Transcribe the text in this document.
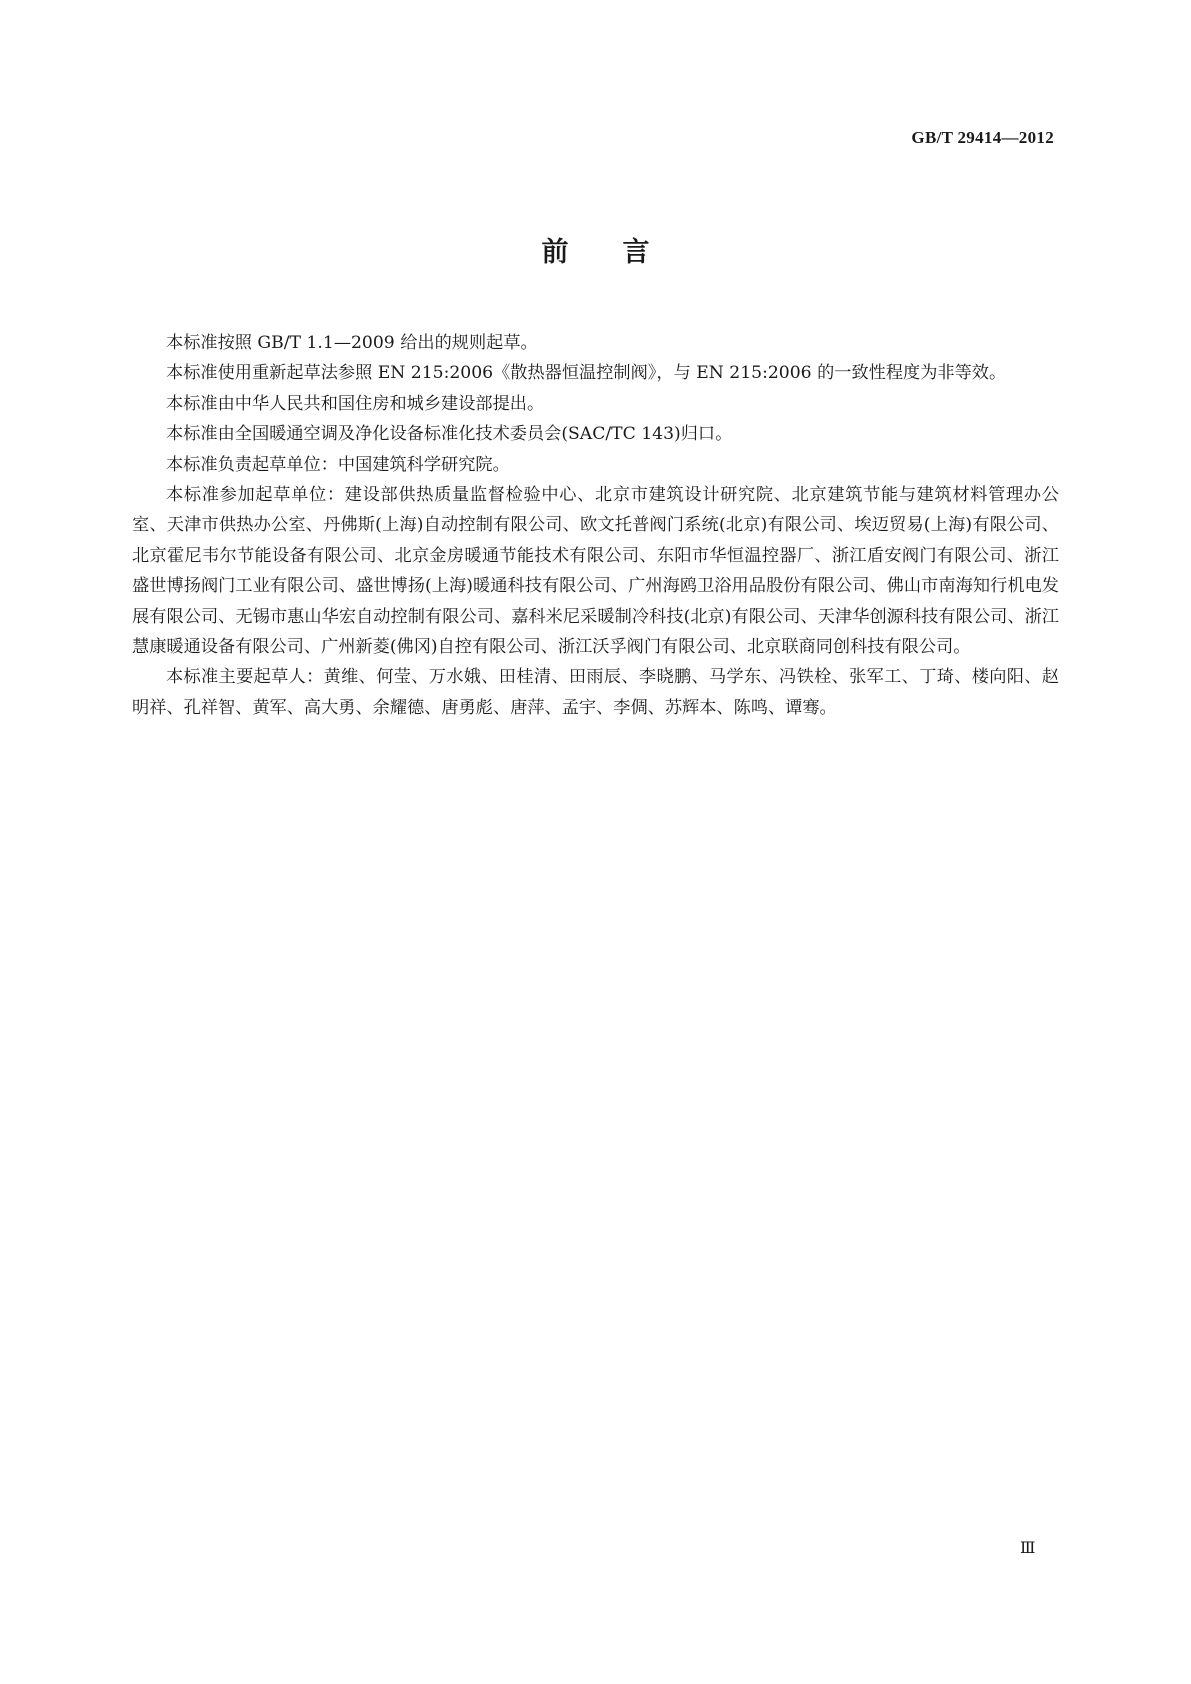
GB/T 29414—2012
前言

本标准按照 GB/T 1.1—2009 给出的规则起草。

本标准使用重新起草法参照 EN 215:2006《散热器恒温控制阀》，与 EN 215:2006 的一致性程度为非等效。

本标准由中华人民共和国住房和城乡建设部提出。

本标准由全国暖通空调及净化设备标准化技术委员会(SAC/TC 143)归口。

本标准负责起草单位：中国建筑科学研究院。

本标准参加起草单位：建设部供热质量监督检验中心、北京市建筑设计研究院、北京建筑节能与建筑材料管理办公室、天津市供热办公室、丹佛斯(上海)自动控制有限公司、欧文托普阀门系统(北京)有限公司、埃迈贸易(上海)有限公司、北京霍尼韦尔节能设备有限公司、北京金房暖通节能技术有限公司、东阳市华恒温控器厂、浙江盾安阀门有限公司、浙江盛世博扬阀门工业有限公司、盛世博扬(上海)暖通科技有限公司、广州海鸥卫浴用品股份有限公司、佛山市南海知行机电发展有限公司、无锡市惠山华宏自动控制有限公司、嘉科米尼采暖制冷科技(北京)有限公司、天津华创源科技有限公司、浙江慧康暖通设备有限公司、广州新菱(佛冈)自控有限公司、浙江沃孚阀门有限公司、北京联商同创科技有限公司。

本标准主要起草人：黄维、何莹、万水娥、田桂清、田雨辰、李晓鹏、马学东、冯铁栓、张军工、丁琦、楼向阳、赵明祥、孔祥智、黄军、高大勇、余耀德、唐勇彪、唐萍、孟宇、李倜、苏辉本、陈鸣、谭骞。

Ⅲ
